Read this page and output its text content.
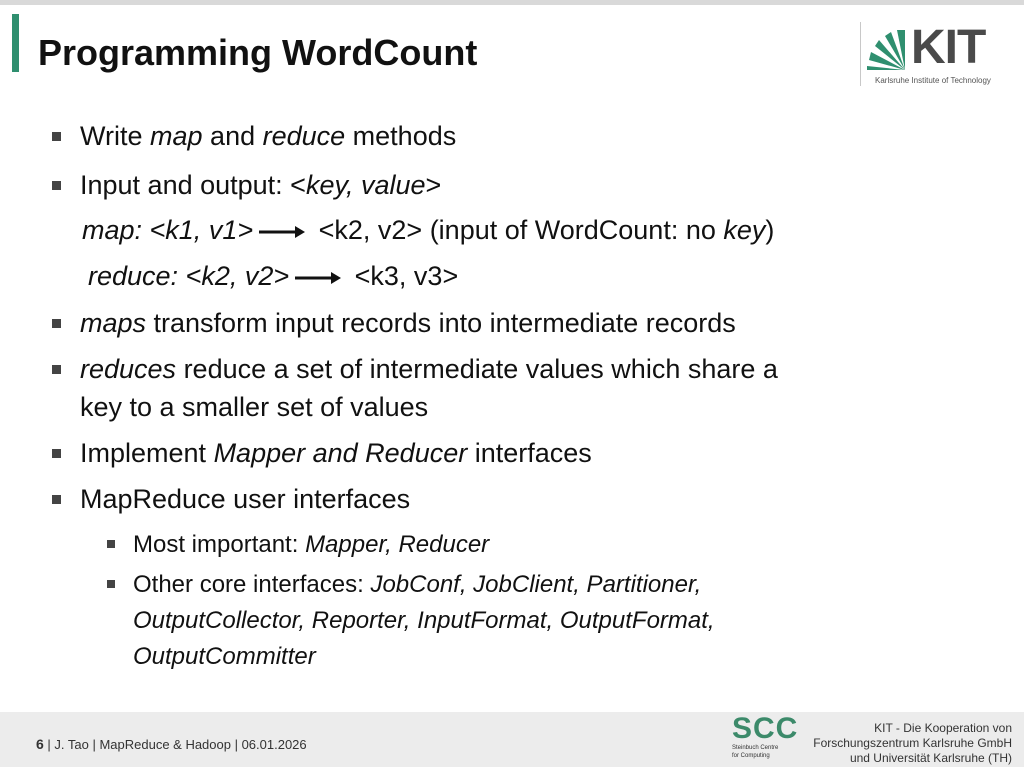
Programming WordCount	KIT
Karlsruhe Institute of Technology
Write map and reduce methods
Input and output: <key, value>
map: <k1, v1> <k2, v2> (input of WordCount: no key)
reduce: <k2, v2> <k3, v3>
maps transform input records into intermediate records
reduces reduce a set of intermediate values which share a
key to a smaller set of values
Implement Mapper and Reducer interfaces
MapReduce user interfaces
Most important: Mapper, Reducer
Other core interfaces: JobConf, JobClient, Partitioner,
OutputCollector, Reporter, InputFormat, OutputFormat,
OutputCommitter
6 | J. Tao | MapReduce & Hadoop | 06.01.2026	SCC
Steinbuch Centre
for Computing
KIT - Die Kooperation von
Forschungszentrum Karlsruhe GmbH
und Universität Karlsruhe (TH)
